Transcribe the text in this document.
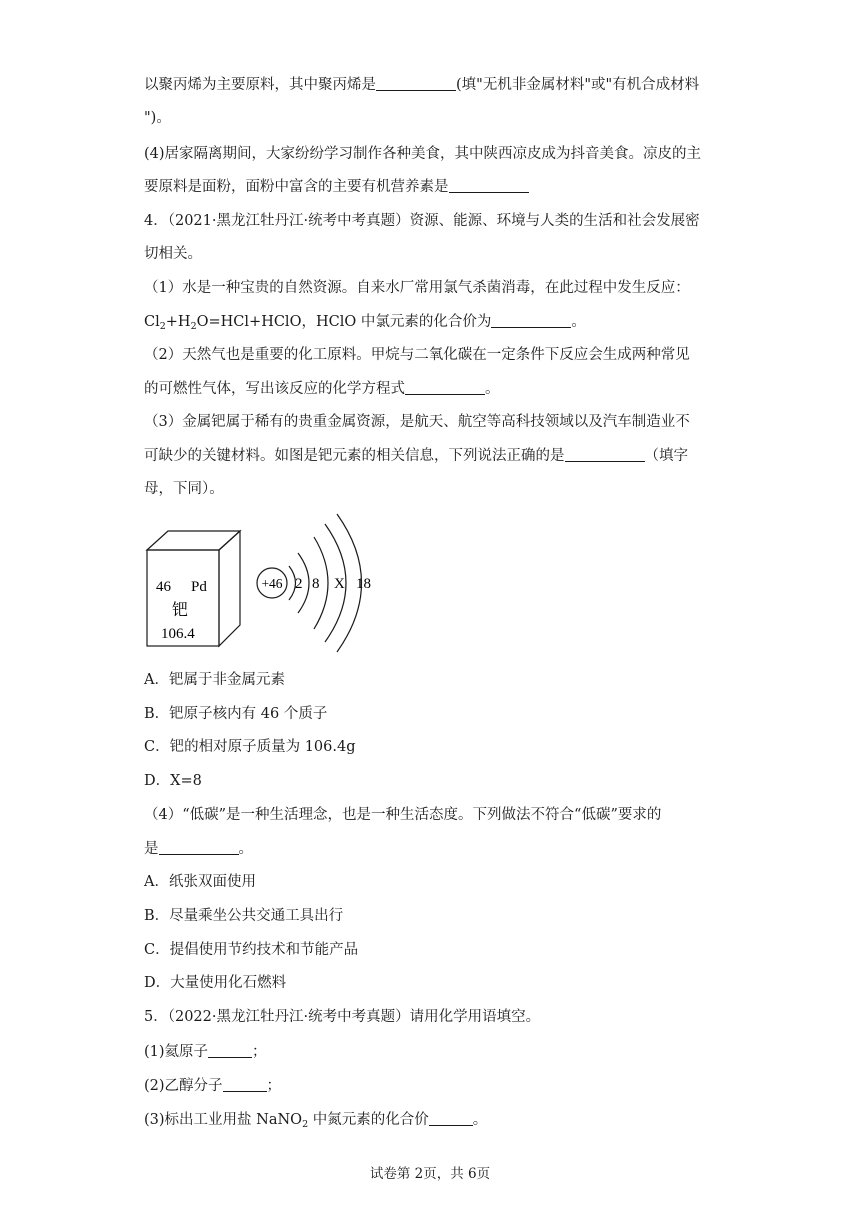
以聚丙烯为主要原料，其中聚丙烯是	(填"无机非金属材料"或"有机合成材料
")。
(4)居家隔离期间，大家纷纷学习制作各种美食，其中陕西凉皮成为抖音美食。凉皮的主
要原料是面粉，面粉中富含的主要有机营养素是
4．（2021·黑龙江牡丹江·统考中考真题）资源、能源、环境与人类的生活和社会发展密
切相关。
（1）水是一种宝贵的自然资源。自来水厂常用氯气杀菌消毒，在此过程中发生反应：
$Cl_2+H_2O=HCl+HClO$，HClO 中氯元素的化合价为	。
（2）天然气也是重要的化工原料。甲烷与二氧化碳在一定条件下反应会生成两种常见
的可燃性气体，写出该反应的化学方程式	。
（3）金属钯属于稀有的贵重金属资源，是航天、航空等高科技领域以及汽车制造业不
可缺少的关键材料。如图是钯元素的相关信息，下列说法正确的是	（填字
母，下同）。
46 Pd
钯
106.4
+46 2 8 X 18
A．钯属于非金属元素
B．钯原子核内有 46 个质子
C．钯的相对原子质量为 106.4g
D．X=8
（4）“低碳”是一种生活理念，也是一种生活态度。下列做法不符合“低碳”要求的
是	。
A．纸张双面使用
B．尽量乘坐公共交通工具出行
C．提倡使用节约技术和节能产品
D．大量使用化石燃料
5．（2022·黑龙江牡丹江·统考中考真题）请用化学用语填空。
(1)氦原子	；
(2)乙醇分子	；
(3)标出工业用盐 NaNO$_2$ 中氮元素的化合价	。
试卷第 2页，共 6页
